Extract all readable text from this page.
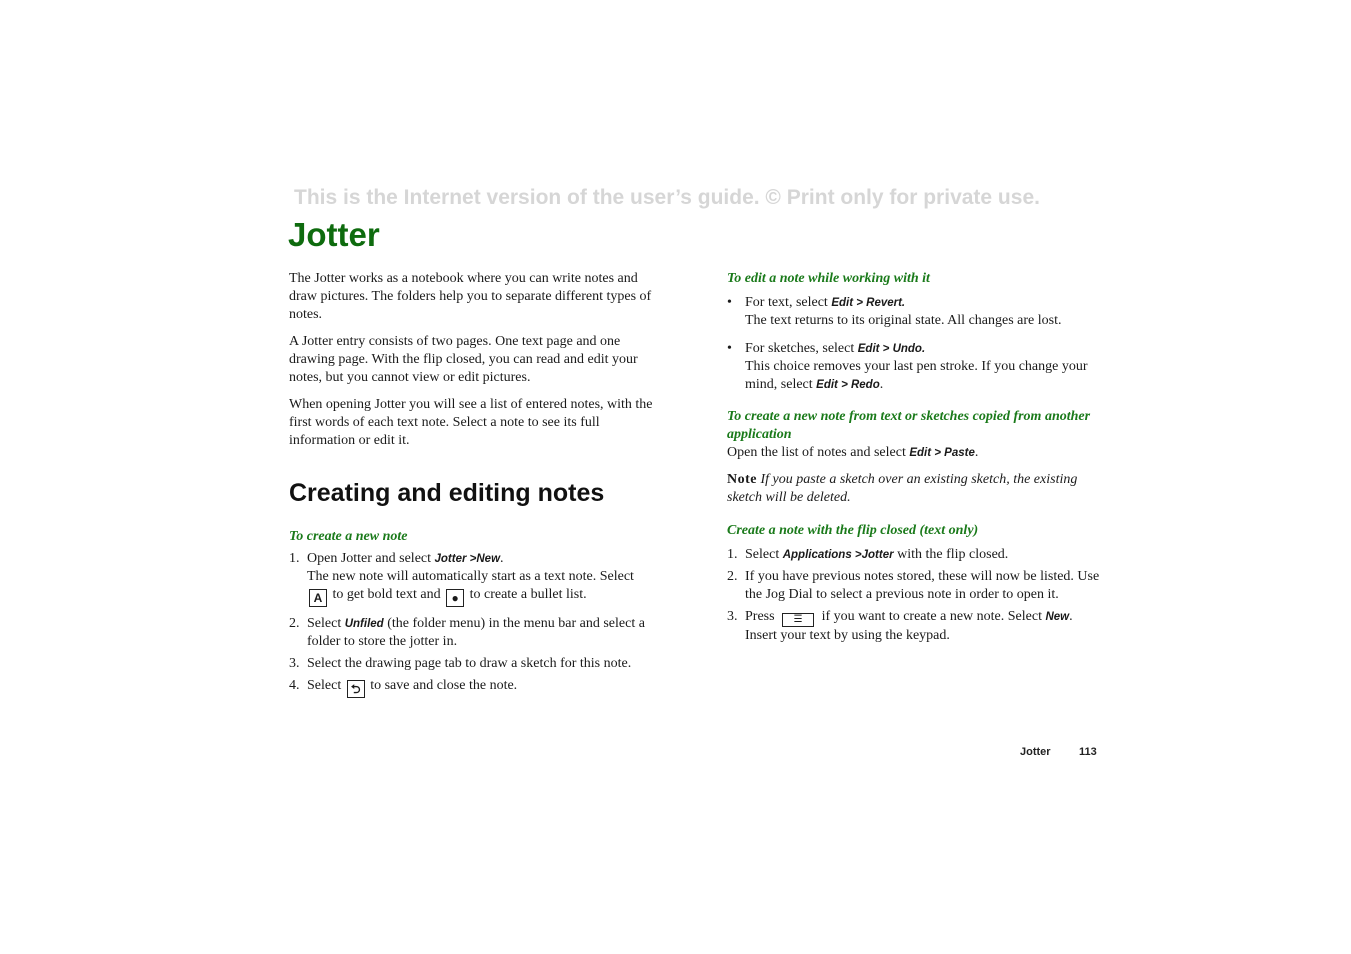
This is the Internet version of the user’s guide. © Print only for private use.
Jotter

The Jotter works as a notebook where you can write notes and draw pictures. The folders help you to separate different types of notes.

A Jotter entry consists of two pages. One text page and one drawing page. With the flip closed, you can read and edit your notes, but you cannot view or edit pictures.

When opening Jotter you will see a list of entered notes, with the first words of each text note. Select a note to see its full information or edit it.

Creating and editing notes
To create a new note
1. Open Jotter and select Jotter >New.
The new note will automatically start as a text note. Select
A to get bold text and ● to create a bullet list.
2. Select Unfiled (the folder menu) in the menu bar and select a folder to store the jotter in.
3. Select the drawing page tab to draw a sketch for this note.
4. Select ⮌ to save and close the note.
To edit a note while working with it
• For text, select Edit > Revert.
The text returns to its original state. All changes are lost.
• For sketches, select Edit > Undo.
This choice removes your last pen stroke. If you change your mind, select Edit > Redo.
To create a new note from text or sketches copied from another application

Open the list of notes and select Edit > Paste.

Note If you paste a sketch over an existing sketch, the existing sketch will be deleted.

Create a note with the flip closed (text only)
1. Select Applications >Jotter with the flip closed.
2. If you have previous notes stored, these will now be listed. Use the Jog Dial to select a previous note in order to open it.
3. Press ☰ if you want to create a new note. Select New.
Insert your text by using the keypad.
Jotter	113
